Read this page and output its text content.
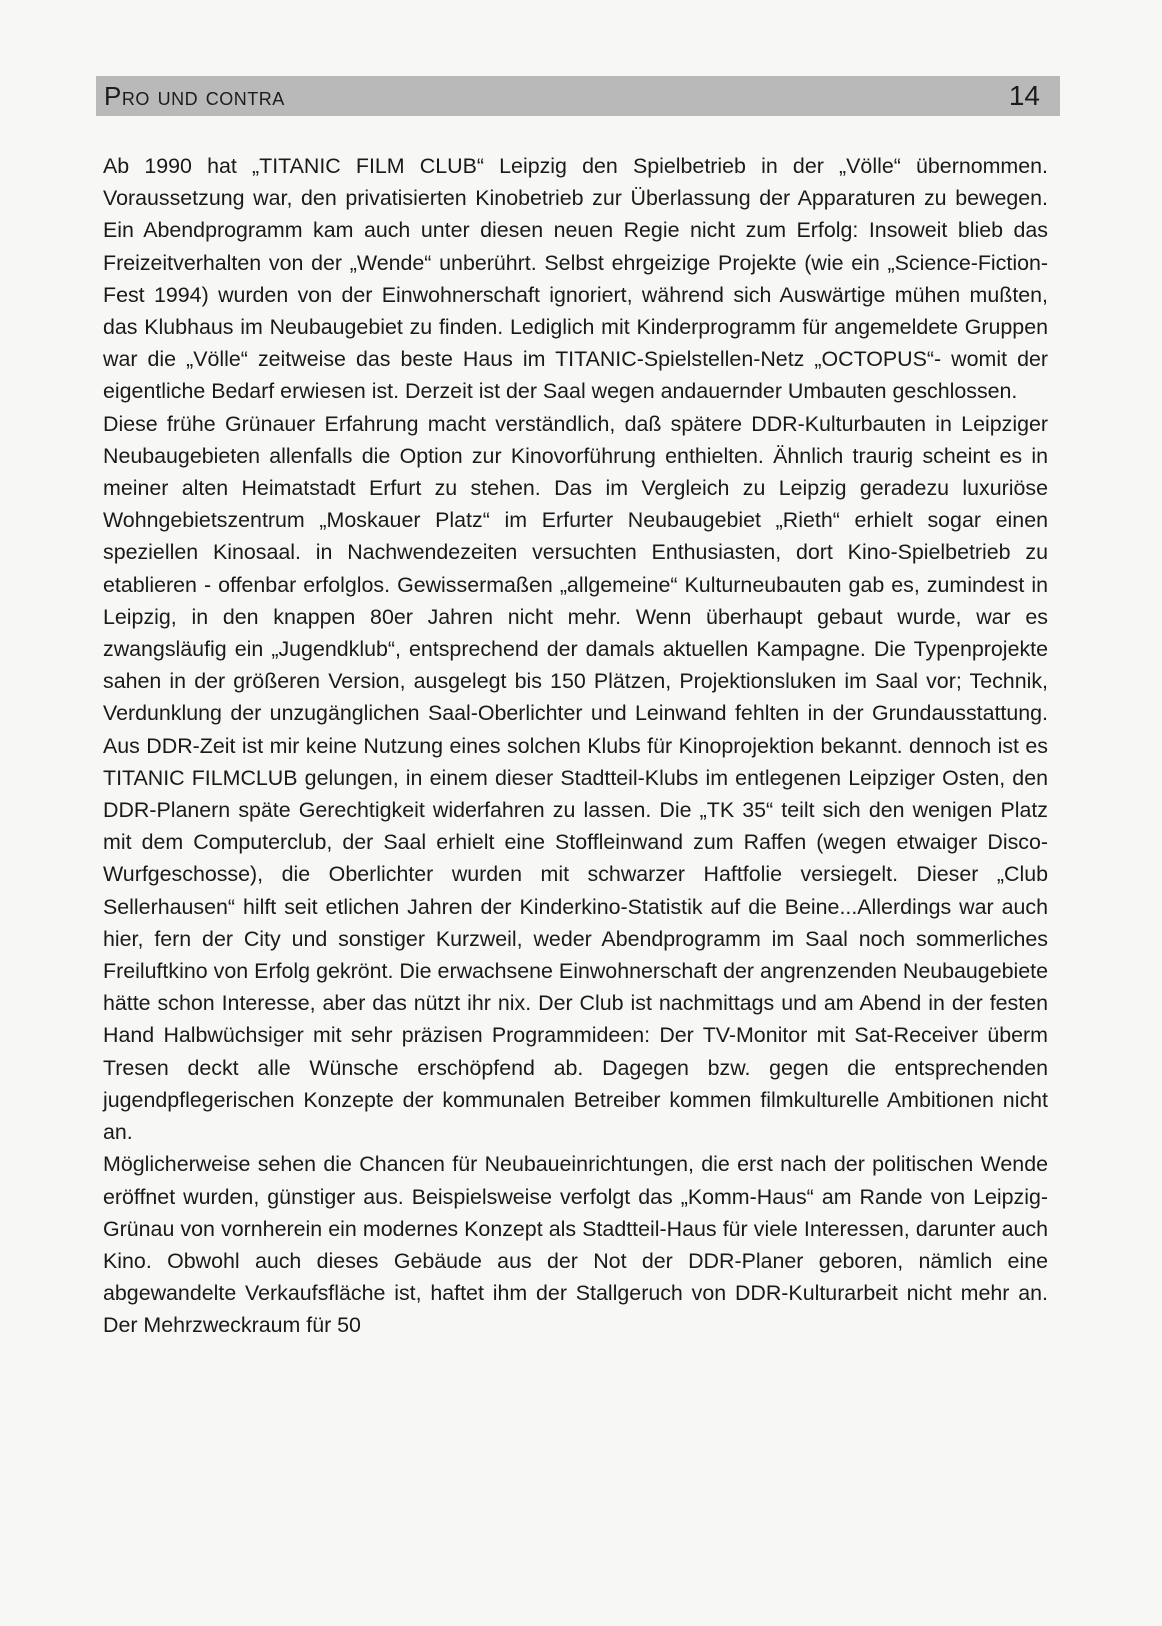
Pro und contra	14

Ab 1990 hat „TITANIC FILM CLUB“ Leipzig den Spielbetrieb in der „Völle“ übernommen. Voraussetzung war, den privatisierten Kinobetrieb zur Überlassung der Apparaturen zu bewegen. Ein Abendprogramm kam auch unter diesen neuen Regie nicht zum Erfolg: Insoweit blieb das Freizeitverhalten von der „Wende“ unberührt. Selbst ehrgeizige Projekte (wie ein „Science-Fiction-Fest 1994) wurden von der Einwohnerschaft ignoriert, während sich Auswärtige mühen mußten, das Klubhaus im Neubaugebiet zu finden. Lediglich mit Kinderprogramm für angemeldete Gruppen war die „Völle“ zeitweise das beste Haus im TITANIC-Spielstellen-Netz „OCTOPUS“- womit der eigentliche Bedarf erwiesen ist. Derzeit ist der Saal wegen andauernder Umbauten geschlossen.

Diese frühe Grünauer Erfahrung macht verständlich, daß spätere DDR-Kulturbauten in Leipziger Neubaugebieten allenfalls die Option zur Kinovorführung enthielten. Ähnlich traurig scheint es in meiner alten Heimatstadt Erfurt zu stehen. Das im Vergleich zu Leipzig geradezu luxuriöse Wohngebietszentrum „Moskauer Platz“ im Erfurter Neubaugebiet „Rieth“ erhielt sogar einen speziellen Kinosaal. in Nachwendezeiten versuchten Enthusiasten, dort Kino-Spielbetrieb zu etablieren - offenbar erfolglos. Gewissermaßen „allgemeine“ Kulturneubauten gab es, zumindest in Leipzig, in den knappen 80er Jahren nicht mehr. Wenn überhaupt gebaut wurde, war es zwangsläufig ein „Jugendklub“, entsprechend der damals aktuellen Kampagne. Die Typenprojekte sahen in der größeren Version, ausgelegt bis 150 Plätzen, Projektionsluken im Saal vor; Technik, Verdunklung der unzugänglichen Saal-Oberlichter und Leinwand fehlten in der Grundausstattung. Aus DDR-Zeit ist mir keine Nutzung eines solchen Klubs für Kinoprojektion bekannt. dennoch ist es TITANIC FILMCLUB gelungen, in einem dieser Stadtteil-Klubs im entlegenen Leipziger Osten, den DDR-Planern späte Gerechtigkeit widerfahren zu lassen. Die „TK 35“ teilt sich den wenigen Platz mit dem Computerclub, der Saal erhielt eine Stoffleinwand zum Raffen (wegen etwaiger Disco-Wurfgeschosse), die Oberlichter wurden mit schwarzer Haftfolie versiegelt. Dieser „Club Sellerhausen“ hilft seit etlichen Jahren der Kinderkino-Statistik auf die Beine...Allerdings war auch hier, fern der City und sonstiger Kurzweil, weder Abendprogramm im Saal noch sommerliches Freiluftkino von Erfolg gekrönt. Die erwachsene Einwohnerschaft der angrenzenden Neubaugebiete hätte schon Interesse, aber das nützt ihr nix. Der Club ist nachmittags und am Abend in der festen Hand Halbwüchsiger mit sehr präzisen Programmideen: Der TV-Monitor mit Sat-Receiver überm Tresen deckt alle Wünsche erschöpfend ab. Dagegen bzw. gegen die entsprechenden jugendpflegerischen Konzepte der kommunalen Betreiber kommen filmkulturelle Ambitionen nicht an.

Möglicherweise sehen die Chancen für Neubaueinrichtungen, die erst nach der politischen Wende eröffnet wurden, günstiger aus. Beispielsweise verfolgt das „Komm-Haus“ am Rande von Leipzig-Grünau von vornherein ein modernes Konzept als Stadtteil-Haus für viele Interessen, darunter auch Kino. Obwohl auch dieses Gebäude aus der Not der DDR-Planer geboren, nämlich eine abgewandelte Verkaufsfläche ist, haftet ihm der Stallgeruch von DDR-Kulturarbeit nicht mehr an. Der Mehrzweckraum für 50
